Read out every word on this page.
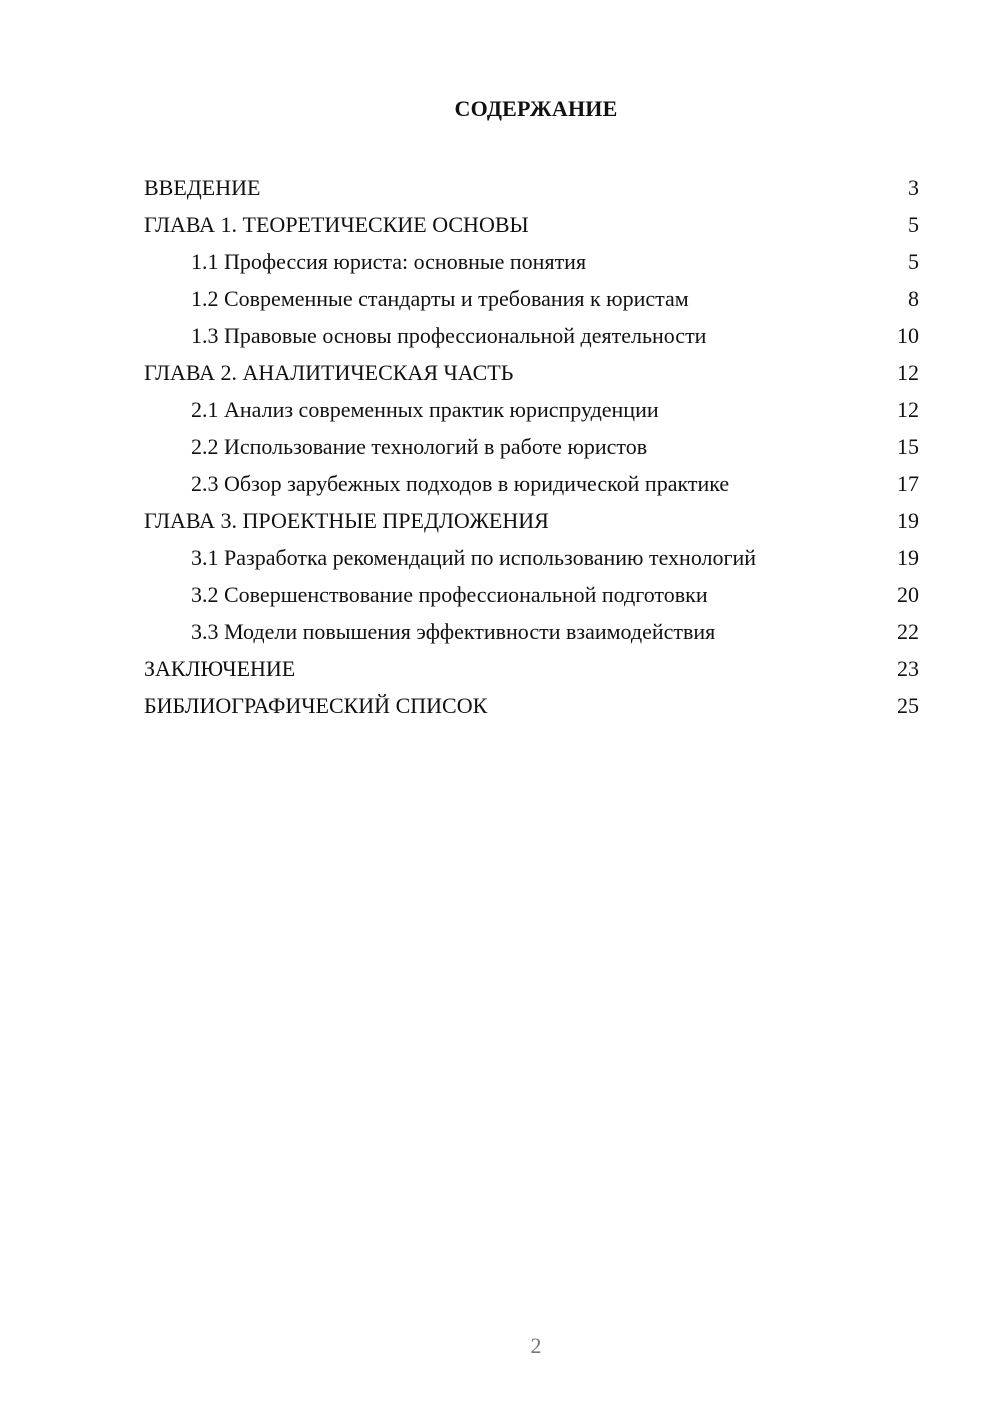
СОДЕРЖАНИЕ
ВВЕДЕНИЕ	3
ГЛАВА 1. ТЕОРЕТИЧЕСКИЕ ОСНОВЫ	5
1.1 Профессия юриста: основные понятия	5
1.2 Современные стандарты и требования к юристам	8
1.3 Правовые основы профессиональной деятельности	10
ГЛАВА 2. АНАЛИТИЧЕСКАЯ ЧАСТЬ	12
2.1 Анализ современных практик юриспруденции	12
2.2 Использование технологий в работе юристов	15
2.3 Обзор зарубежных подходов в юридической практике	17
ГЛАВА 3. ПРОЕКТНЫЕ ПРЕДЛОЖЕНИЯ	19
3.1 Разработка рекомендаций по использованию технологий	19
3.2 Совершенствование профессиональной подготовки	20
3.3 Модели повышения эффективности взаимодействия	22
ЗАКЛЮЧЕНИЕ	23
БИБЛИОГРАФИЧЕСКИЙ СПИСОК	25
2
